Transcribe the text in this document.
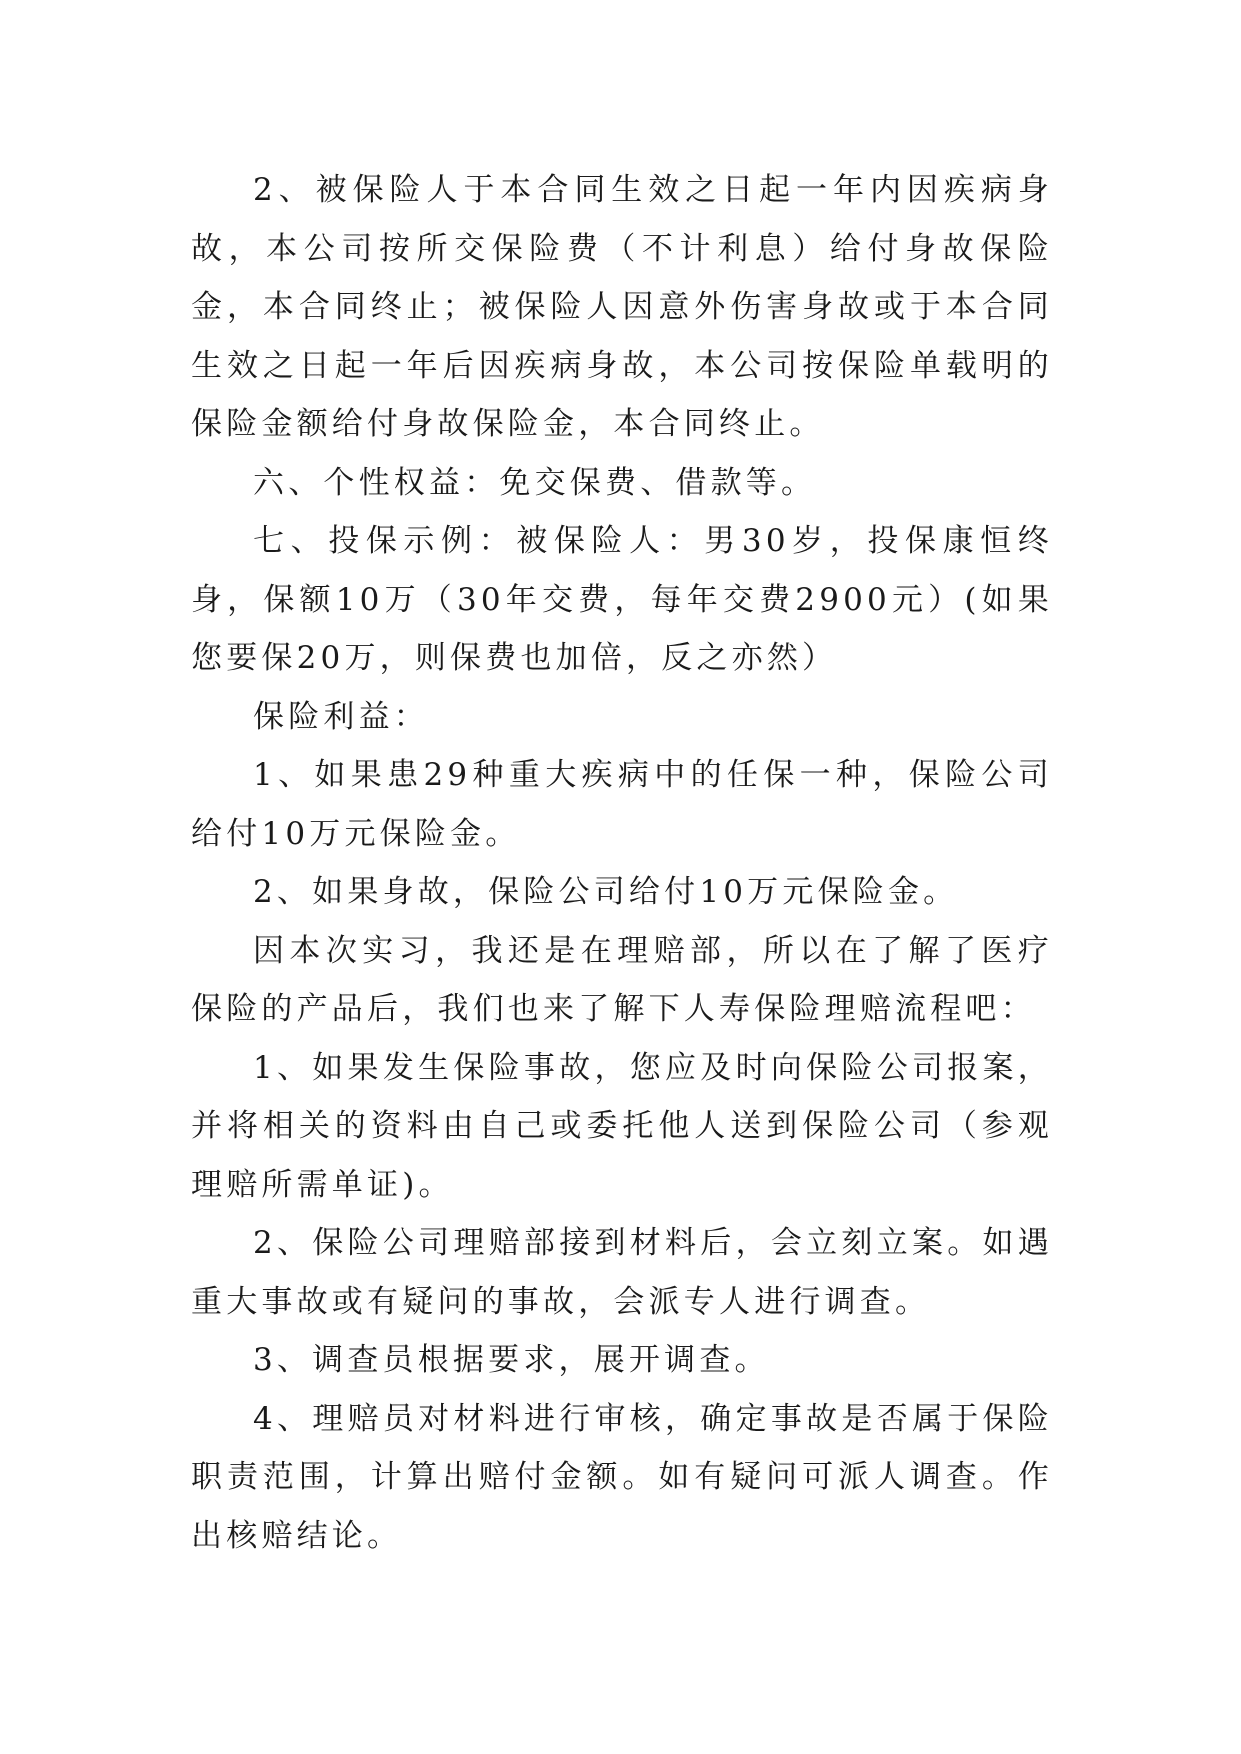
2、被保险人于本合同生效之日起一年内因疾病身故，本公司按所交保险费（不计利息）给付身故保险金，本合同终止；被保险人因意外伤害身故或于本合同生效之日起一年后因疾病身故，本公司按保险单载明的保险金额给付身故保险金，本合同终止。

六、个性权益：免交保费、借款等。

七、投保示例：被保险人：男30岁，投保康恒终身，保额10万（30年交费，每年交费2900元）(如果您要保20万，则保费也加倍，反之亦然）

保险利益：

1、如果患29种重大疾病中的任保一种，保险公司给付10万元保险金。

2、如果身故，保险公司给付10万元保险金。

因本次实习，我还是在理赔部，所以在了解了医疗保险的产品后，我们也来了解下人寿保险理赔流程吧：

1、如果发生保险事故，您应及时向保险公司报案，并将相关的资料由自己或委托他人送到保险公司（参观理赔所需单证)。

2、保险公司理赔部接到材料后，会立刻立案。如遇重大事故或有疑问的事故，会派专人进行调查。

3、调查员根据要求，展开调查。

4、理赔员对材料进行审核，确定事故是否属于保险职责范围，计算出赔付金额。如有疑问可派人调查。作出核赔结论。
